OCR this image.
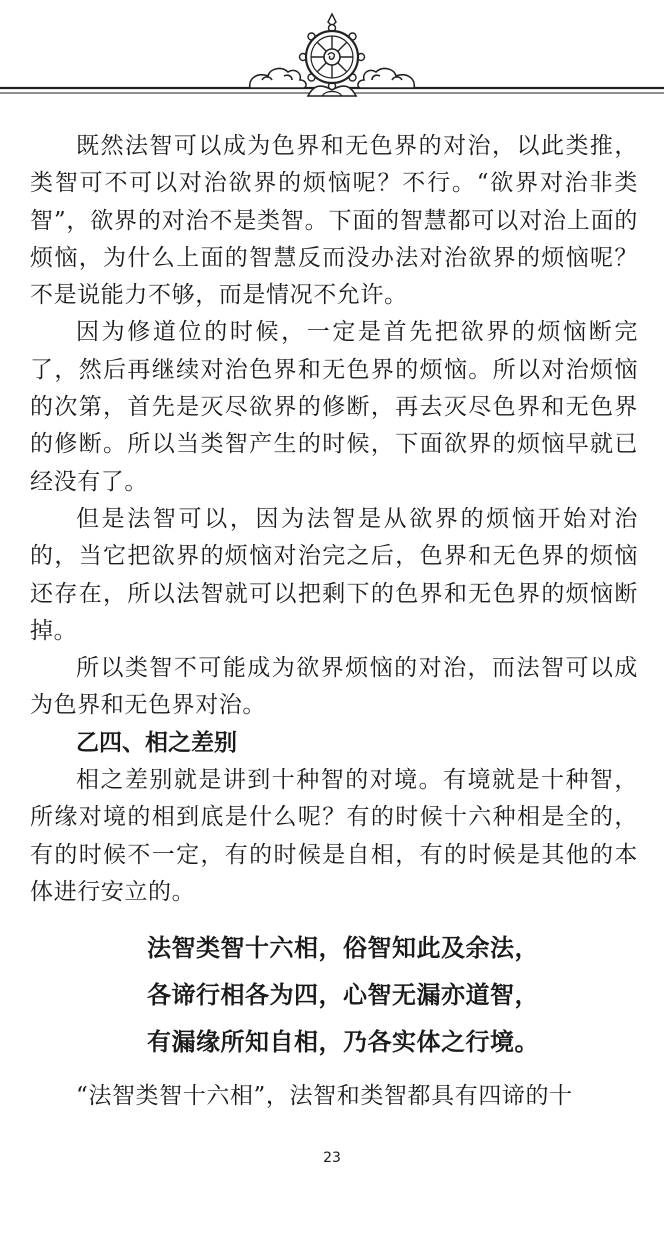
既然法智可以成为色界和无色界的对治，以此类推，类智可不可以对治欲界的烦恼呢？不行。“欲界对治非类智”，欲界的对治不是类智。下面的智慧都可以对治上面的烦恼，为什么上面的智慧反而没办法对治欲界的烦恼呢？不是说能力不够，而是情况不允许。

因为修道位的时候，一定是首先把欲界的烦恼断完了，然后再继续对治色界和无色界的烦恼。所以对治烦恼的次第，首先是灭尽欲界的修断，再去灭尽色界和无色界的修断。所以当类智产生的时候，下面欲界的烦恼早就已经没有了。

但是法智可以，因为法智是从欲界的烦恼开始对治的，当它把欲界的烦恼对治完之后，色界和无色界的烦恼还存在，所以法智就可以把剩下的色界和无色界的烦恼断掉。

所以类智不可能成为欲界烦恼的对治，而法智可以成为色界和无色界对治。

乙四、相之差别

相之差别就是讲到十种智的对境。有境就是十种智，所缘对境的相到底是什么呢？有的时候十六种相是全的，有的时候不一定，有的时候是自相，有的时候是其他的本体进行安立的。

法智类智十六相，俗智知此及余法，
各谛行相各为四，心智无漏亦道智，
有漏缘所知自相，乃各实体之行境。

“法智类智十六相”，法智和类智都具有四谛的十

23
